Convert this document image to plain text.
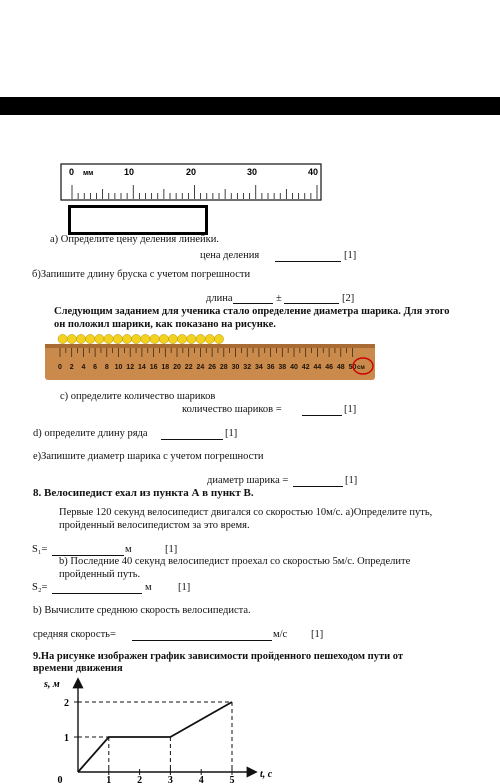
0 мм	10	20	30	40
a) Определите цену деления линейки.
цена деления	[1]
б)Запишите длину бруска с учетом погрешности
длина	±	[2]
Следующим заданием для ученика стало определение диаметра шарика. Для этого
он положил шарики, как показано на рисунке.
0 2 4 6 8 10 12 14 16 18 20 22 24 26 28 30 32 34 36 38 40 42 44 46 48 50 см
c) определите количество шариков
количество шариков =	[1]
d) определите длину ряда	[1]
e)Запишите диаметр шарика с учетом погрешности
диаметр шарика =	[1]
8. Велосипедист ехал из пункта А в пункт В.
Первые 120 секунд велосипедист двигался со скоростью 10м/с. а)Определите путь,
пройденный велосипедистом за это время.
S₁=	м	[1]
b) Последние 40 секунд велосипедист проехал со скоростью 5м/с. Определите
пройденный путь.
S₂=	м	[1]
b) Вычислите среднюю скорость велосипедиста.
средняя скорость=	м/с [1]
9.На рисунке изображен график зависимости пройденного пешеходом пути от
времени движения
s, м
t, с
1
2
0	1	2	3	4	5
